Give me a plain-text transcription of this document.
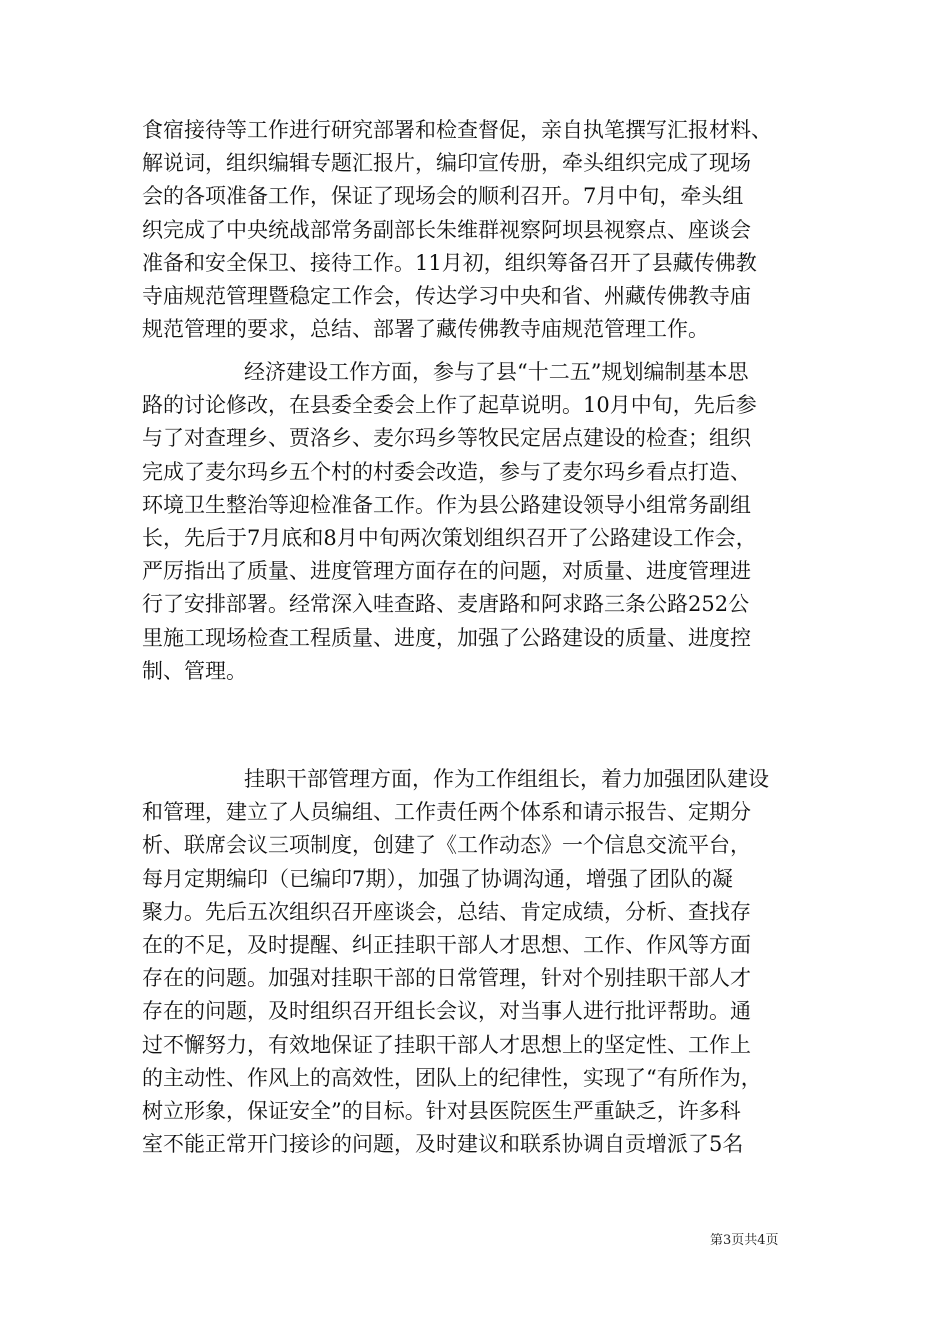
食宿接待等工作进行研究部署和检查督促，亲自执笔撰写汇报材料、
解说词，组织编辑专题汇报片，编印宣传册，牵头组织完成了现场
会的各项准备工作，保证了现场会的顺利召开。7月中旬，牵头组
织完成了中央统战部常务副部长朱维群视察阿坝县视察点、座谈会
准备和安全保卫、接待工作。11月初，组织筹备召开了县藏传佛教
寺庙规范管理暨稳定工作会，传达学习中央和省、州藏传佛教寺庙
规范管理的要求，总结、部署了藏传佛教寺庙规范管理工作。
经济建设工作方面，参与了县“十二五”规划编制基本思
路的讨论修改，在县委全委会上作了起草说明。10月中旬，先后参
与了对查理乡、贾洛乡、麦尔玛乡等牧民定居点建设的检查；组织
完成了麦尔玛乡五个村的村委会改造，参与了麦尔玛乡看点打造、
环境卫生整治等迎检准备工作。作为县公路建设领导小组常务副组
长，先后于7月底和8月中旬两次策划组织召开了公路建设工作会，
严厉指出了质量、进度管理方面存在的问题，对质量、进度管理进
行了安排部署。经常深入哇查路、麦唐路和阿求路三条公路252公
里施工现场检查工程质量、进度，加强了公路建设的质量、进度控
制、管理。
挂职干部管理方面，作为工作组组长，着力加强团队建设
和管理，建立了人员编组、工作责任两个体系和请示报告、定期分
析、联席会议三项制度，创建了《工作动态》一个信息交流平台，
每月定期编印（已编印7期），加强了协调沟通，增强了团队的凝
聚力。先后五次组织召开座谈会，总结、肯定成绩，分析、查找存
在的不足，及时提醒、纠正挂职干部人才思想、工作、作风等方面
存在的问题。加强对挂职干部的日常管理，针对个别挂职干部人才
存在的问题，及时组织召开组长会议，对当事人进行批评帮助。通
过不懈努力，有效地保证了挂职干部人才思想上的坚定性、工作上
的主动性、作风上的高效性，团队上的纪律性，实现了“有所作为，
树立形象，保证安全”的目标。针对县医院医生严重缺乏，许多科
室不能正常开门接诊的问题，及时建议和联系协调自贡增派了5名
第3页共4页
